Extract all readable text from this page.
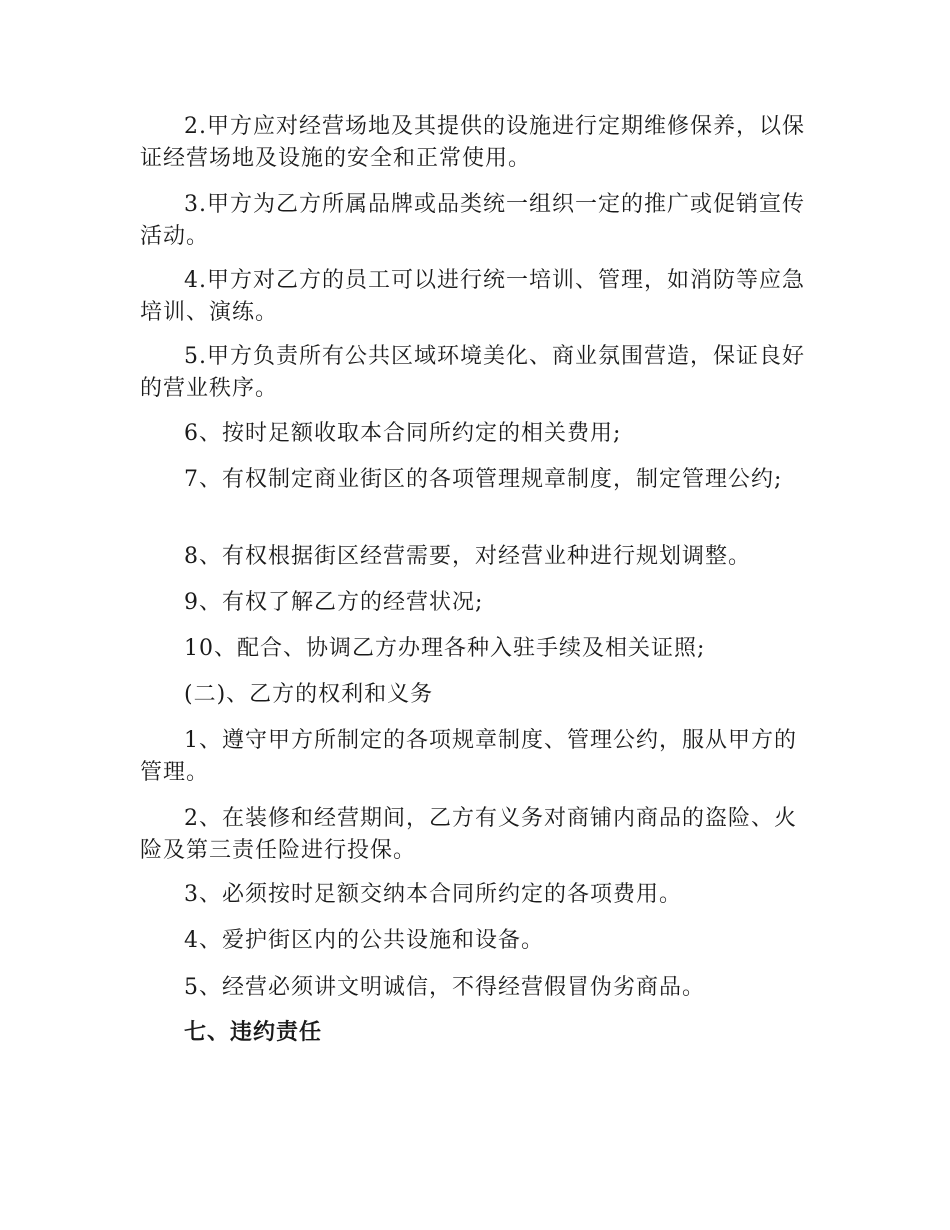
2.甲方应对经营场地及其提供的设施进行定期维修保养，以保证经营场地及设施的安全和正常使用。

3.甲方为乙方所属品牌或品类统一组织一定的推广或促销宣传活动。

4.甲方对乙方的员工可以进行统一培训、管理，如消防等应急培训、演练。

5.甲方负责所有公共区域环境美化、商业氛围营造，保证良好的营业秩序。

6、按时足额收取本合同所约定的相关费用;

7、有权制定商业街区的各项管理规章制度，制定管理公约;

8、有权根据街区经营需要，对经营业种进行规划调整。

9、有权了解乙方的经营状况;

10、配合、协调乙方办理各种入驻手续及相关证照;

(二)、乙方的权利和义务

1、遵守甲方所制定的各项规章制度、管理公约，服从甲方的管理。

2、在装修和经营期间，乙方有义务对商铺内商品的盗险、火险及第三责任险进行投保。

3、必须按时足额交纳本合同所约定的各项费用。

4、爱护街区内的公共设施和设备。

5、经营必须讲文明诚信，不得经营假冒伪劣商品。

七、违约责任
